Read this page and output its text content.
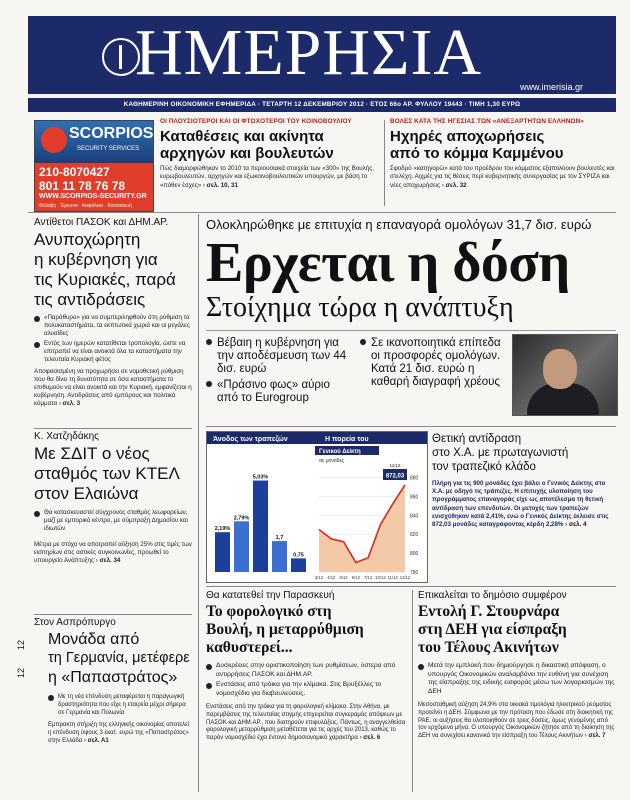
ΗΜΕΡΗΣΙΑ	www.imerisia.gr
ΚΑΘΗΜΕΡΙΝΗ ΟΙΚΟΝΟΜΙΚΗ ΕΦΗΜΕΡΙΔΑ · ΤΕΤΑΡΤΗ 12 ΔΕΚΕΜΒΡΙΟΥ 2012 · ΕΤΟΣ 66ο ΑΡ. ΦΥΛΛΟΥ 19443 · ΤΙΜΗ 1,30 ΕΥΡΩ
SCORPIOS
SECURITY SERVICES
210-8070427
801 11 78 76 78
WWW.SCORPIOS-SECURITY.GR
Φύλαξη · Έρευνα · Ασφάλεια · Κατασκευή
ΟΙ ΠΛΟΥΣΙΟΤΕΡΟΙ ΚΑΙ ΟΙ ΦΤΩΧΟΤΕΡΟΙ ΤΟΥ ΚΟΙΝΟΒΟΥΛΙΟΥ
Καταθέσεις και ακίνητα
αρχηγών και βουλευτών
Πώς διαμορφώθηκαν το 2010 τα περιουσιακά στοιχεία των «300» της Βουλής, ευρωβουλευτών, αρχηγών και εξωκοινοβουλευτικών υπουργών, με βάση το «πόθεν έσχες» › σελ. 10, 31
ΒΟΛΕΣ ΚΑΤΑ ΤΗΣ ΗΓΕΣΙΑΣ ΤΩΝ «ΑΝΕΞΑΡΤΗΤΩΝ ΕΛΛΗΝΩΝ»
Ηχηρές αποχωρήσεις
από το κόμμα Καμμένου
Σφοδρό «κατηγορώ» κατά του προέδρου του κόμματος εξαπολύουν βουλευτές και στελέχη. Αιχμές για τις θέσεις περί κυβερνητικής συνεργασίας με τον ΣΥΡΙΖΑ και νέες αποχωρήσεις › σελ. 32
Αντίθετοι ΠΑΣΟΚ και ΔΗΜ.ΑΡ.
Ανυποχώρητη
η κυβέρνηση για
τις Κυριακές, παρά
τις αντιδράσεις
«Παράθυρο» για να συμπεριληφθούν στη ρύθμιση τα πολυκαταστήματα, τα εκπτωτικά χωριά και οι μεγάλες αλυσίδες
Εντός των ημερών κατατίθεται τροπολογία, ώστε να επιτραπεί να είναι ανοικτά όλα τα καταστήματα την τελευταία Κυριακή φέτος
Αποφασισμένη να προχωρήσει σε νομοθετική ρύθμιση που θα δίνει τη δυνατότητα σε όσα καταστήματα το επιθυμούν να είναι ανοικτά και την Κυριακή, εμφανίζεται η κυβέρνηση. Αντιδράσεις από εμπόρους και πολιτικά κόμματα › σελ. 3
Κ. Χατζηδάκης
Με ΣΔΙΤ ο νέος
σταθμός των ΚΤΕΛ
στον Ελαιώνα
Θα κατασκευαστεί σύγχρονος σταθμός λεωφορείων, μαζί με εμπορικό κέντρο, με σύμπραξη Δημοσίου και ιδιωτών
Μέτρα με στόχο να αποτραπεί αύξηση 25% στις τιμές των εισιτηρίων στις αστικές συγκοινωνίες, προωθεί το υπουργείο Ανάπτυξης › σελ. 34
Στον Ασπρόπυργο
Μονάδα από
τη Γερμανία, μετέφερε
η «Παπαστράτος»
Με τη νέα επένδυση μεταφέρεται η παραγωγική δραστηριότητα που είχε η εταιρεία μέχρι σήμερα σε Γερμανία και Πολωνία
Εμπρακτη στήριξη της ελληνικής οικονομίας αποτελεί η επένδυση ύψους 3 εκατ. ευρώ της «Παπαστράτος» στην Ελλάδα › σελ. Α1
12
12
Ολοκληρώθηκε με επιτυχία η επαναγορά ομολόγων 31,7 δισ. ευρώ
Ερχεται η δόση
Στοίχημα τώρα η ανάπτυξη
Βέβαιη η κυβέρνηση για την αποδέσμευση των 44 δισ. ευρώ
«Πράσινο φως» αύριο από το Eurogroup
Σε ικανοποιητικά επίπεδα οι προσφορές ομολόγων. Κατά 21 δισ. ευρώ η καθαρή διαγραφή χρέους
Άνοδος των τραπεζών	Η πορεία του
Γενικού Δείκτη
σε μονάδες
2,19%
2,79%
5,03%
1,7
0,75
780
800
820
840
860
880
3/12 4/12 5/12 6/12 7/12 10/12 11/12 12/12
872,03
11/12
Θετική αντίδραση
στο Χ.Α. με πρωταγωνιστή
τον τραπεζικό κλάδο
Πλήρη για τις 900 μονάδες έχει βάλει ο Γενικός Δείκτης στο Χ.Α. με οδηγό τις τράπεζες. Η επιτυχής υλοποίηση του προγράμματος επαναγοράς είχε ως αποτέλεσμα τη θετική αντίδραση των επενδυτών. Οι μετοχές των τραπεζών ενισχύθηκαν κατά 2,41%, ενώ ο Γενικός Δείκτης έκλεισε στις 872,03 μονάδες καταγράφοντας κέρδη 2,28% › σελ. 4
Θα κατατεθεί την Παρασκευή
Το φορολογικό στη
Βουλή, η μεταρρύθμιση
καθυστερεί...
Δυσκρέειες στην οριστικοποίηση των ρυθμίσεων, ύστερα από αντιρρήσεις ΠΑΣΟΚ και ΔΗΜ.ΑΡ.
Ενστάσεις από τρόικα για την κλίμακα. Στις Βρυξέλλες το νομοσχέδιο για διαβουλεύσεις.
Ενστάσεις από την τρόικα για τη φορολογική κλίμακα. Στην Αθήνα, με παρεμβάσεις της τελευταίας στιγμής επιχειρείται συγκεραμός απόψεων με ΠΑΣΟΚ και ΔΗΜ.ΑΡ., που διατηρούν επιφυλάξεις. Πάντως, η αναγγελθείσα φορολογική μεταρρύθμιση μεταθέτεται για τις αρχές του 2013, καθώς το παρόν νομοσχέδιο έχει έντονο δημοσιονομικό χαρακτήρα › σελ. 6
Επικαλείται το δημόσιο συμφέρον
Εντολή Γ. Στουρνάρα
στη ΔΕΗ για είσπραξη
του Τέλους Ακινήτων
Μετά την εμπλοκή που δημιούργησε η δικαστική απόφαση, ο υπουργός Οικονομικών αναλαμβάνει την ευθύνη για συνέχιση της είσπραξης της ειδικής εισφοράς μέσω των λογαριασμών της ΔΕΗ
Μεσοσταθμική αύξηση 24,9% στα οικιακά τιμολόγια ηλεκτρικού ρεύματος προτείνει η ΔΕΗ. Σύμφωνα με την πρόταση που έδωσε στη διοικητική της ΡΑΕ, οι αυξήσεις θα υλοποιηθούν σε τρεις δόσεις, όμως γενομένης από τον ερχόμενο μήνα. Ο υπουργός Οικονομικών ζήτησε από τη διοίκηση της ΔΕΗ να συνεχίσει κανονικά την είσπραξη του Τέλους Ακινήτων › σελ. 7
